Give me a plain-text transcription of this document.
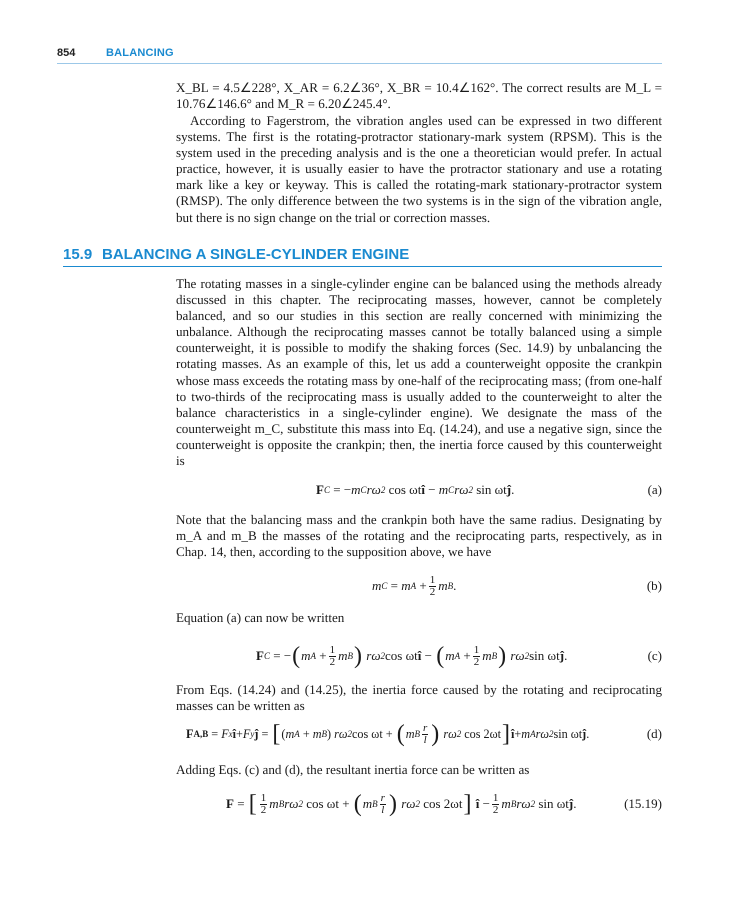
854	BALANCING

X_BL = 4.5∠228°, X_AR = 6.2∠36°, X_BR = 10.4∠162°. The correct results are M_L = 10.76∠146.6° and M_R = 6.20∠245.4°.

According to Fagerstrom, the vibration angles used can be expressed in two different systems. The first is the rotating-protractor stationary-mark system (RPSM). This is the system used in the preceding analysis and is the one a theoretician would prefer. In actual practice, however, it is usually easier to have the protractor stationary and use a rotating mark like a key or keyway. This is called the rotating-mark stationary-protractor system (RMSP). The only difference between the two systems is in the sign of the vibration angle, but there is no sign change on the trial or correction masses.

15.9 BALANCING A SINGLE-CYLINDER ENGINE

The rotating masses in a single-cylinder engine can be balanced using the methods already discussed in this chapter. The reciprocating masses, however, cannot be completely balanced, and so our studies in this section are really concerned with minimizing the unbalance. Although the reciprocating masses cannot be totally balanced using a simple counterweight, it is possible to modify the shaking forces (Sec. 14.9) by unbalancing the rotating masses. As an example of this, let us add a counterweight opposite the crankpin whose mass exceeds the rotating mass by one-half of the reciprocating mass; (from one-half to two-thirds of the reciprocating mass is usually added to the counterweight to alter the balance characteristics in a single-cylinder engine). We designate the mass of the counterweight m_C, substitute this mass into Eq. (14.24), and use a negative sign, since the counterweight is opposite the crankpin; then, the inertia force caused by this counterweight is

F C
=
− m C rω 2
cos ωt î
−
m C rω 2
sin ωt ĵ .	(a)

Note that the balancing mass and the crankpin both have the same radius. Designating by m_A and m_B the masses of the rotating and the reciprocating parts, respectively, as in Chap. 14, then, according to the supposition above, we have

m C
=
m A
+ $\frac{1}{2}$ m B .	(b)

Equation (a) can now be written

F C
=
− ( m A
+ $\frac{1}{2}$ m B )
rω 2 cos ωt î
−
( m A
+ $\frac{1}{2}$ m B )
rω 2 sin ωt ĵ .	(c)

From Eqs. (14.24) and (14.25), the inertia force caused by the rotating and reciprocating masses can be written as

F A,B
=
F x î + F y ĵ
=
[ ( m A
+
m B )
rω 2 cos ωt
+
( m B $\frac{r}{l}$ )
rω 2
cos 2ωt ] î + m A rω 2 sin ωt ĵ .	(d)

Adding Eqs. (c) and (d), the resultant inertia force can be written as

F
=
[ $\frac{1}{2}$ m B rω 2
cos ωt
+
( m B $\frac{r}{l}$ )
rω 2
cos 2ωt ]
î
− $\frac{1}{2}$ m B rω 2
sin ωt ĵ .	(15.19)
